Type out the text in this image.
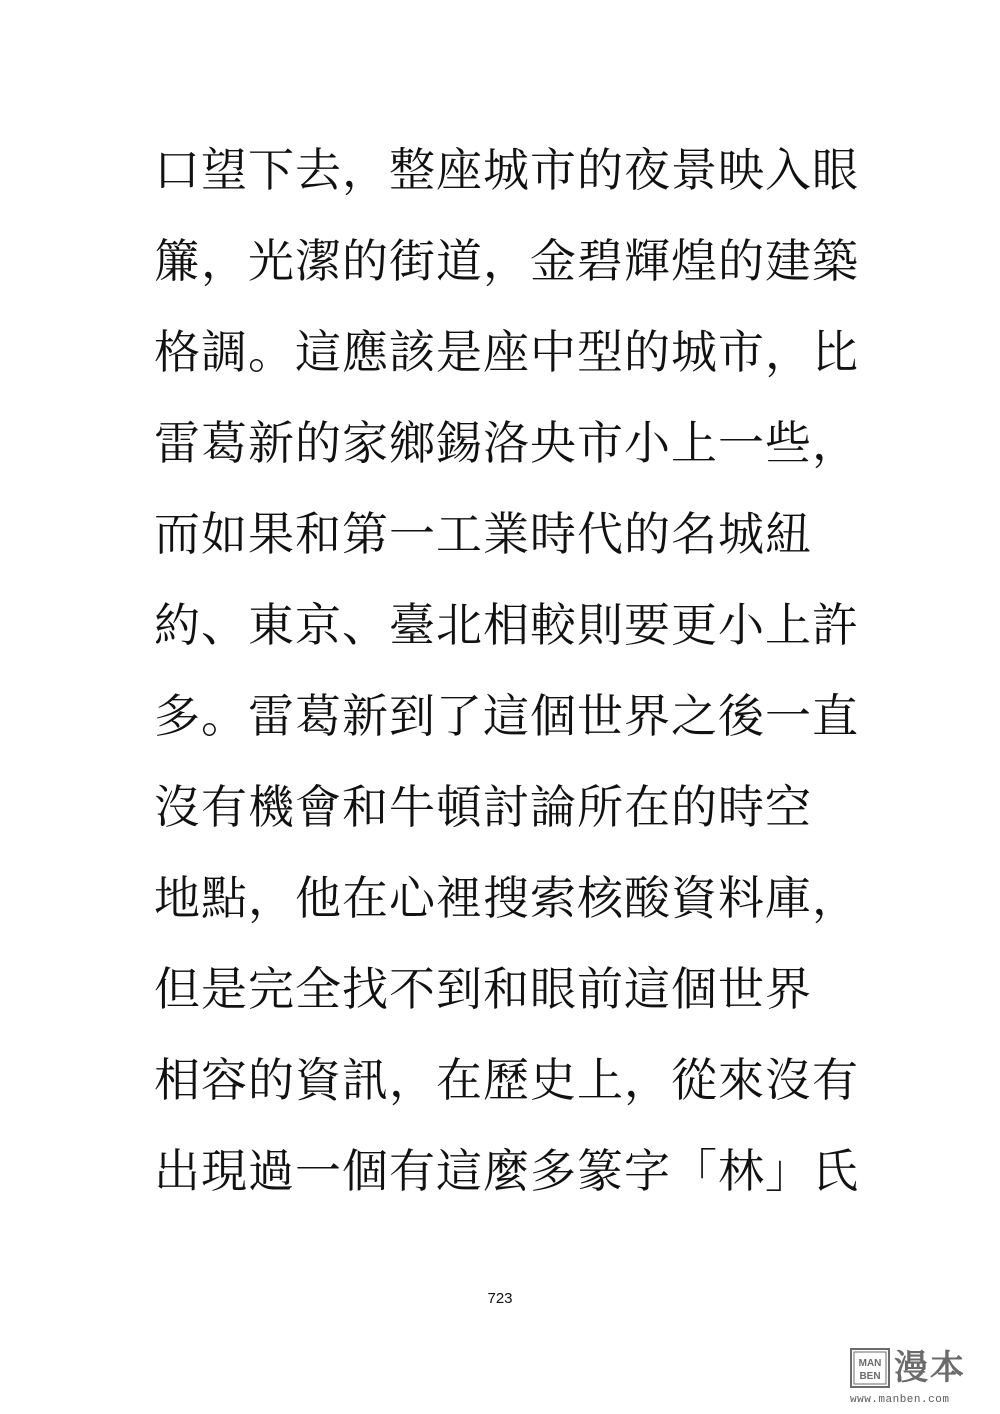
口望下去，整座城市的夜景映入眼
簾，光潔的街道，金碧輝煌的建築
格調。這應該是座中型的城市，比
雷葛新的家鄉錫洛央市小上一些，
而如果和第一工業時代的名城紐
約、東京、臺北相較則要更小上許
多。雷葛新到了這個世界之後一直
沒有機會和牛頓討論所在的時空
地點，他在心裡搜索核酸資料庫，
但是完全找不到和眼前這個世界
相容的資訊，在歷史上，從來沒有
出現過一個有這麼多篆字「林」氏
723
MAN
BEN 漫本
www.manben.com
